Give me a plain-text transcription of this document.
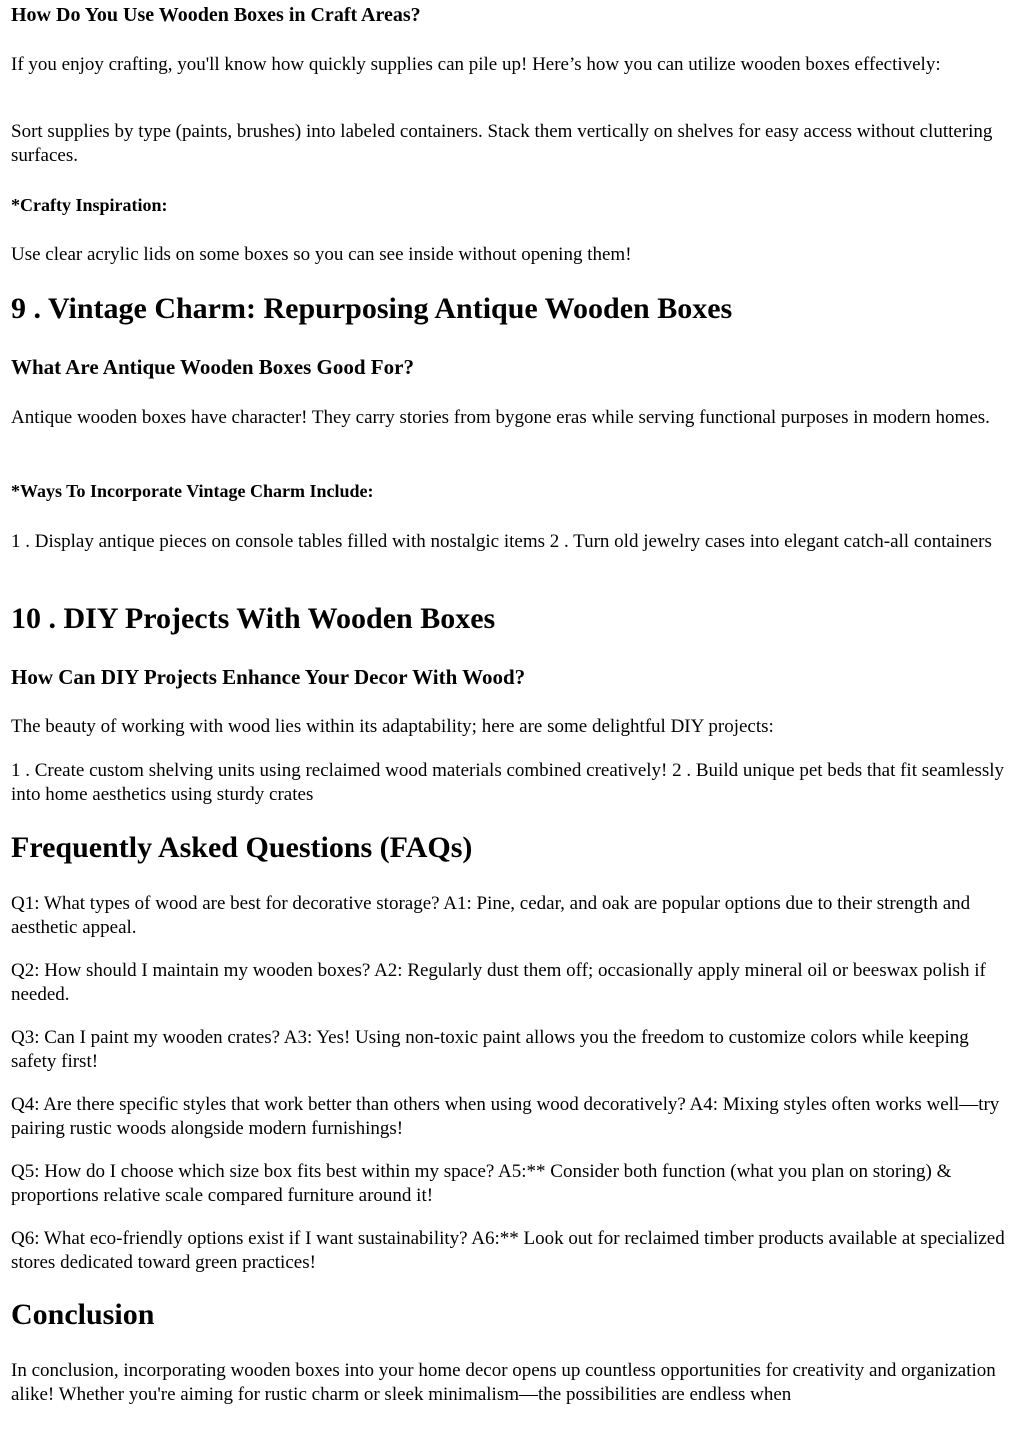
How Do You Use Wooden Boxes in Craft Areas?

If you enjoy crafting, you'll know how quickly supplies can pile up! Here’s how you can utilize wooden boxes effectively:

Sort supplies by type (paints, brushes) into labeled containers. Stack them vertically on shelves for easy access without cluttering surfaces.

*Crafty Inspiration:

Use clear acrylic lids on some boxes so you can see inside without opening them!

9 . Vintage Charm: Repurposing Antique Wooden Boxes
What Are Antique Wooden Boxes Good For?

Antique wooden boxes have character! They carry stories from bygone eras while serving functional purposes in modern homes.

*Ways To Incorporate Vintage Charm Include:

1 . Display antique pieces on console tables filled with nostalgic items 2 . Turn old jewelry cases into elegant catch-all containers

10 . DIY Projects With Wooden Boxes
How Can DIY Projects Enhance Your Decor With Wood?

The beauty of working with wood lies within its adaptability; here are some delightful DIY projects:

1 . Create custom shelving units using reclaimed wood materials combined creatively! 2 . Build unique pet beds that fit seamlessly into home aesthetics using sturdy crates

Frequently Asked Questions (FAQs)

Q1: What types of wood are best for decorative storage? A1: Pine, cedar, and oak are popular options due to their strength and aesthetic appeal.

Q2: How should I maintain my wooden boxes? A2: Regularly dust them off; occasionally apply mineral oil or beeswax polish if needed.

Q3: Can I paint my wooden crates? A3: Yes! Using non-toxic paint allows you the freedom to customize colors while keeping safety first!

Q4: Are there specific styles that work better than others when using wood decoratively? A4: Mixing styles often works well—try pairing rustic woods alongside modern furnishings!

Q5: How do I choose which size box fits best within my space? A5:** Consider both function (what you plan on storing) & proportions relative scale compared furniture around it!

Q6: What eco-friendly options exist if I want sustainability? A6:** Look out for reclaimed timber products available at specialized stores dedicated toward green practices!

Conclusion

In conclusion, incorporating wooden boxes into your home decor opens up countless opportunities for creativity and organization alike! Whether you're aiming for rustic charm or sleek minimalism—the possibilities are endless when
